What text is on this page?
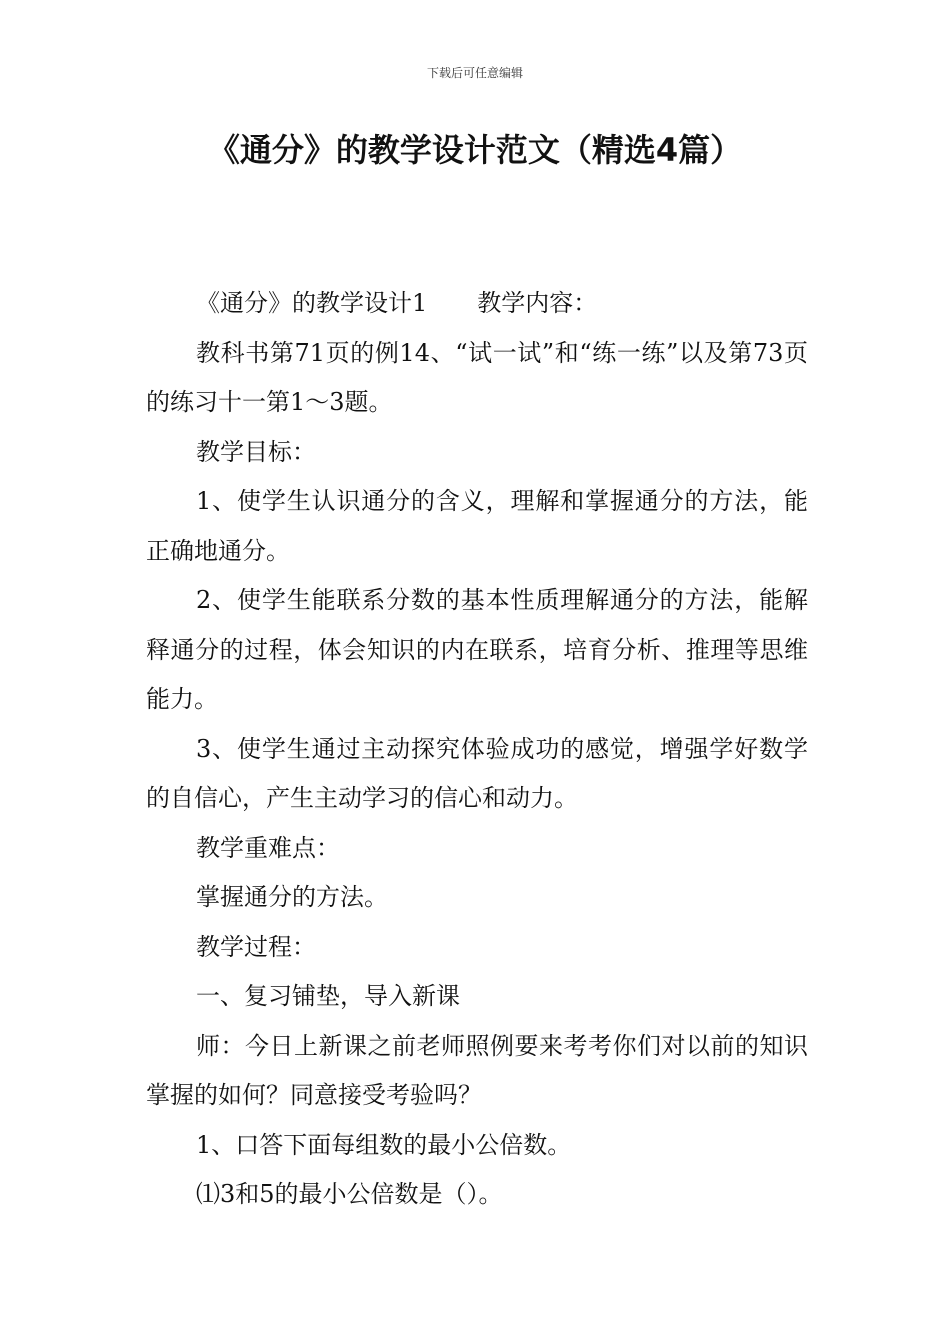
下载后可任意编辑
《通分》的教学设计范文（精选4篇）

《通分》的教学设计1 教学内容：

教科书第71页的例14、“试一试”和“练一练”以及第73页的练习十一第1～3题。

教学目标：

1、使学生认识通分的含义，理解和掌握通分的方法，能正确地通分。

2、使学生能联系分数的基本性质理解通分的方法，能解释通分的过程，体会知识的内在联系，培育分析、推理等思维能力。

3、使学生通过主动探究体验成功的感觉，增强学好数学的自信心，产生主动学习的信心和动力。

教学重难点：

掌握通分的方法。

教学过程：

一、复习铺垫，导入新课

师：今日上新课之前老师照例要来考考你们对以前的知识掌握的如何？同意接受考验吗？

1、口答下面每组数的最小公倍数。

⑴3和5的最小公倍数是（）。
